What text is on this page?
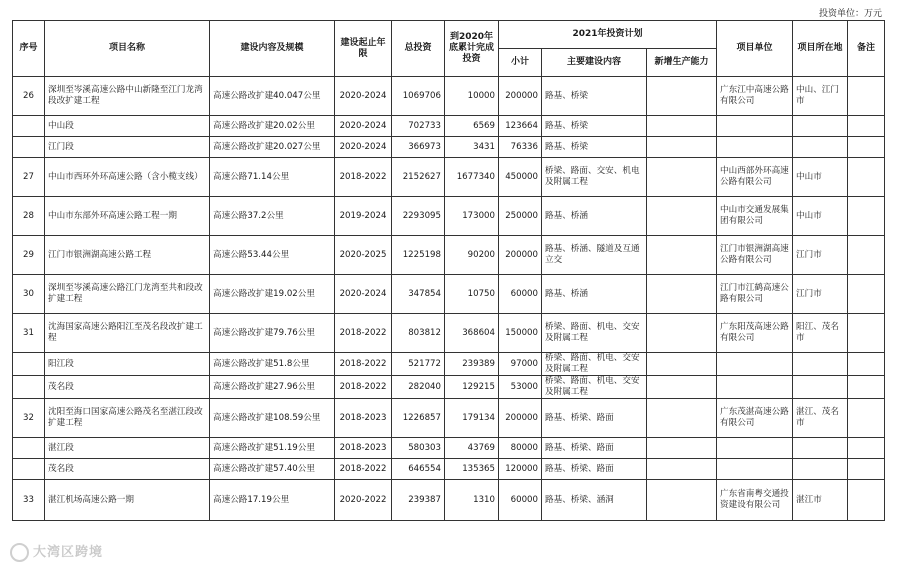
投资单位：万元
序号	项目名称	建设内容及规模	建设起止年限	总投资	到2020年底累计完成投资	2021年投资计划			项目单位	项目所在地	备注
						小计	主要建设内容	新增生产能力			
26	深圳至岑溪高速公路中山新隆至江门龙湾段改扩建工程	高速公路改扩建40.047公里	2020-2024	1069706	10000	200000	路基、桥梁		广东江中高速公路有限公司	中山、江门市	
	中山段	高速公路改扩建20.02公里	2020-2024	702733	6569	123664	路基、桥梁				
	江门段	高速公路改扩建20.027公里	2020-2024	366973	3431	76336	路基、桥梁				
27	中山市西环外环高速公路（含小榄支线）	高速公路71.14公里	2018-2022	2152627	1677340	450000	桥梁、路面、交安、机电及附属工程		中山西部外环高速公路有限公司	中山市	
28	中山市东部外环高速公路工程一期	高速公路37.2公里	2019-2024	2293095	173000	250000	路基、桥涵		中山市交通发展集团有限公司	中山市	
29	江门市银洲湖高速公路工程	高速公路53.44公里	2020-2025	1225198	90200	200000	路基、桥涵、隧道及互通立交		江门市银洲湖高速公路有限公司	江门市	
30	深圳至岑溪高速公路江门龙湾至共和段改扩建工程	高速公路改扩建19.02公里	2020-2024	347854	10750	60000	路基、桥涵		江门市江鹤高速公路有限公司	江门市	
31	沈海国家高速公路阳江至茂名段改扩建工程	高速公路改扩建79.76公里	2018-2022	803812	368604	150000	桥梁、路面、机电、交安及附属工程		广东阳茂高速公路有限公司	阳江、茂名市	
	阳江段	高速公路改扩建51.8公里	2018-2022	521772	239389	97000	桥梁、路面、机电、交安及附属工程				
	茂名段	高速公路改扩建27.96公里	2018-2022	282040	129215	53000	桥梁、路面、机电、交安及附属工程				
32	沈阳至海口国家高速公路茂名至湛江段改扩建工程	高速公路改扩建108.59公里	2018-2023	1226857	179134	200000	路基、桥梁、路面		广东茂湛高速公路有限公司	湛江、茂名市	
	湛江段	高速公路改扩建51.19公里	2018-2023	580303	43769	80000	路基、桥梁、路面				
	茂名段	高速公路改扩建57.40公里	2018-2022	646554	135365	120000	路基、桥梁、路面				
33	湛江机场高速公路一期	高速公路17.19公里	2020-2022	239387	1310	60000	路基、桥梁、涵洞		广东省南粤交通投资建设有限公司	湛江市	
大湾区跨境
